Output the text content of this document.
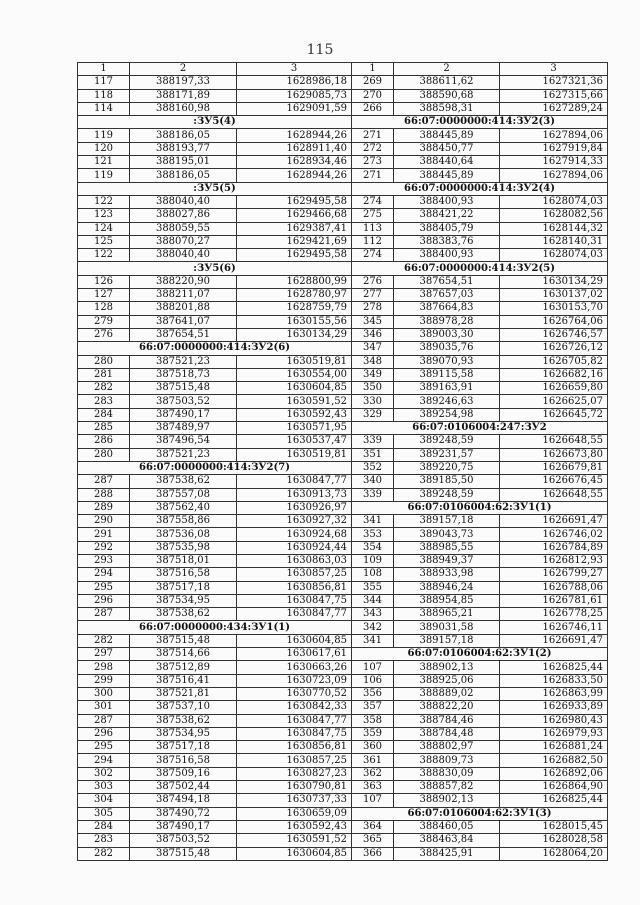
115
1	2	3
117	388197,33	1628986,18
118	388171,89	1629085,73
114	388160,98	1629091,59
:ЗУ5(4)		
119	388186,05	1628944,26
120	388193,77	1628911,40
121	388195,01	1628934,46
119	388186,05	1628944,26
:ЗУ5(5)		
122	388040,40	1629495,58
123	388027,86	1629466,68
124	388059,55	1629387,41
125	388070,27	1629421,69
122	388040,40	1629495,58
:ЗУ5(6)		
126	388220,90	1628800,99
127	388211,07	1628780,97
128	388201,88	1628759,79
279	387641,07	1630155,56
276	387654,51	1630134,29
66:07:0000000:414:ЗУ2(6)		
280	387521,23	1630519,81
281	387518,73	1630554,00
282	387515,48	1630604,85
283	387503,52	1630591,52
284	387490,17	1630592,43
285	387489,97	1630571,95
286	387496,54	1630537,47
280	387521,23	1630519,81
66:07:0000000:414:ЗУ2(7)		
287	387538,62	1630847,77
288	387557,08	1630913,73
289	387562,40	1630926,97
290	387558,86	1630927,32
291	387536,08	1630924,68
292	387535,98	1630924,44
293	387518,01	1630863,03
294	387516,58	1630857,25
295	387517,18	1630856,81
296	387534,95	1630847,75
287	387538,62	1630847,77
66:07:0000000:434:ЗУ1(1)		
282	387515,48	1630604,85
297	387514,66	1630617,61
298	387512,89	1630663,26
299	387516,41	1630723,09
300	387521,81	1630770,52
301	387537,10	1630842,33
287	387538,62	1630847,77
296	387534,95	1630847,75
295	387517,18	1630856,81
294	387516,58	1630857,25
302	387509,16	1630827,23
303	387502,44	1630790,81
304	387494,18	1630737,33
305	387490,72	1630659,09
284	387490,17	1630592,43
283	387503,52	1630591,52
282	387515,48	1630604,85
1	2	3
269	388611,62	1627321,36
270	388590,68	1627315,66
266	388598,31	1627289,24
66:07:0000000:414:ЗУ2(3)		
271	388445,89	1627894,06
272	388450,77	1627919,84
273	388440,64	1627914,33
271	388445,89	1627894,06
66:07:0000000:414:ЗУ2(4)		
274	388400,93	1628074,03
275	388421,22	1628082,56
113	388405,79	1628144,32
112	388383,76	1628140,31
274	388400,93	1628074,03
66:07:0000000:414:ЗУ2(5)		
276	387654,51	1630134,29
277	387657,03	1630137,02
278	387664,83	1630153,70
345	388978,28	1626764,06
346	389003,30	1626746,57
347	389035,76	1626726,12
348	389070,93	1626705,82
349	389115,58	1626682,16
350	389163,91	1626659,80
330	389246,63	1626625,07
329	389254,98	1626645,72
66:07:0106004:247:ЗУ2		
339	389248,59	1626648,55
351	389231,57	1626673,80
352	389220,75	1626679,81
340	389185,50	1626676,45
339	389248,59	1626648,55
66:07:0106004:62:ЗУ1(1)		
341	389157,18	1626691,47
353	389043,73	1626746,02
354	388985,55	1626784,89
109	388949,37	1626812,93
108	388933,98	1626799,27
355	388946,24	1626788,06
344	388954,85	1626781,61
343	388965,21	1626778,25
342	389031,58	1626746,11
341	389157,18	1626691,47
66:07:0106004:62:ЗУ1(2)		
107	388902,13	1626825,44
106	388925,06	1626833,50
356	388889,02	1626863,99
357	388822,20	1626933,89
358	388784,46	1626980,43
359	388784,48	1626979,93
360	388802,97	1626881,24
361	388809,73	1626882,50
362	388830,09	1626892,06
363	388857,82	1626864,90
107	388902,13	1626825,44
66:07:0106004:62:ЗУ1(3)		
364	388460,05	1628015,45
365	388463,84	1628028,58
366	388425,91	1628064,20
